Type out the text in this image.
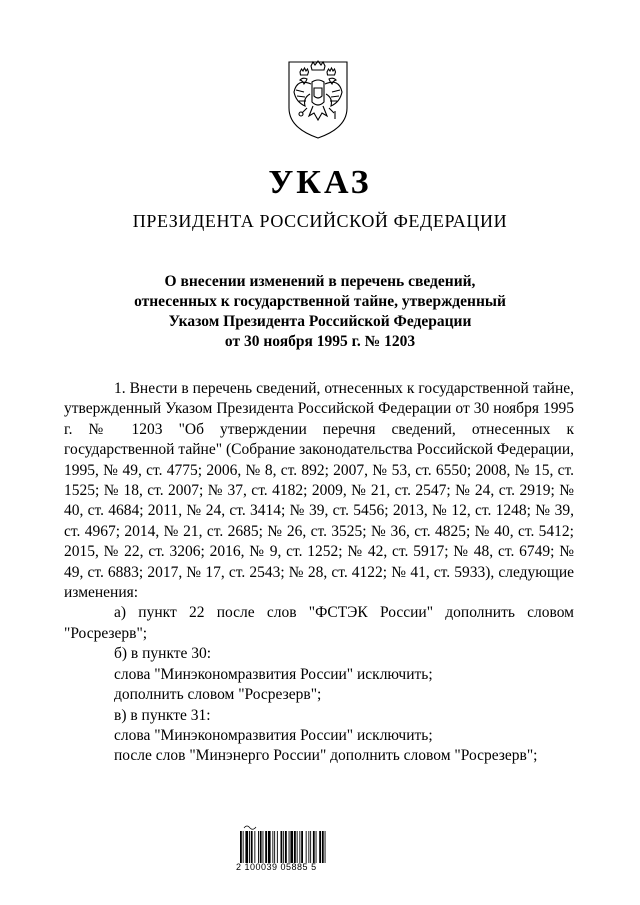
УКАЗ
ПРЕЗИДЕНТА РОССИЙСКОЙ ФЕДЕРАЦИИ
О внесении изменений в перечень сведений,
отнесенных к государственной тайне, утвержденный
Указом Президента Российской Федерации
от 30 ноября 1995 г. № 1203

1. Внести в перечень сведений, отнесенных к государственной тайне, утвержденный Указом Президента Российской Федерации от 30 ноября 1995 г. № 1203 "Об утверждении перечня сведений, отнесенных к государственной тайне" (Собрание законодательства Российской Федерации, 1995, № 49, ст. 4775; 2006, № 8, ст. 892; 2007, № 53, ст. 6550; 2008, № 15, ст. 1525; № 18, ст. 2007; № 37, ст. 4182; 2009, № 21, ст. 2547; № 24, ст. 2919; № 40, ст. 4684; 2011, № 24, ст. 3414; № 39, ст. 5456; 2013, № 12, ст. 1248; № 39, ст. 4967; 2014, № 21, ст. 2685; № 26, ст. 3525; № 36, ст. 4825; № 40, ст. 5412; 2015, № 22, ст. 3206; 2016, № 9, ст. 1252; № 42, ст. 5917; № 48, ст. 6749; № 49, ст. 6883; 2017, № 17, ст. 2543; № 28, ст. 4122; № 41, ст. 5933), следующие изменения:

а) пункт 22 после слов "ФСТЭК России" дополнить словом "Росрезерв";

б) в пункте 30:

слова "Минэкономразвития России" исключить;

дополнить словом "Росрезерв";

в) в пункте 31:

слова "Минэкономразвития России" исключить;

после слов "Минэнерго России" дополнить словом "Росрезерв";

2 100039 05885 5
